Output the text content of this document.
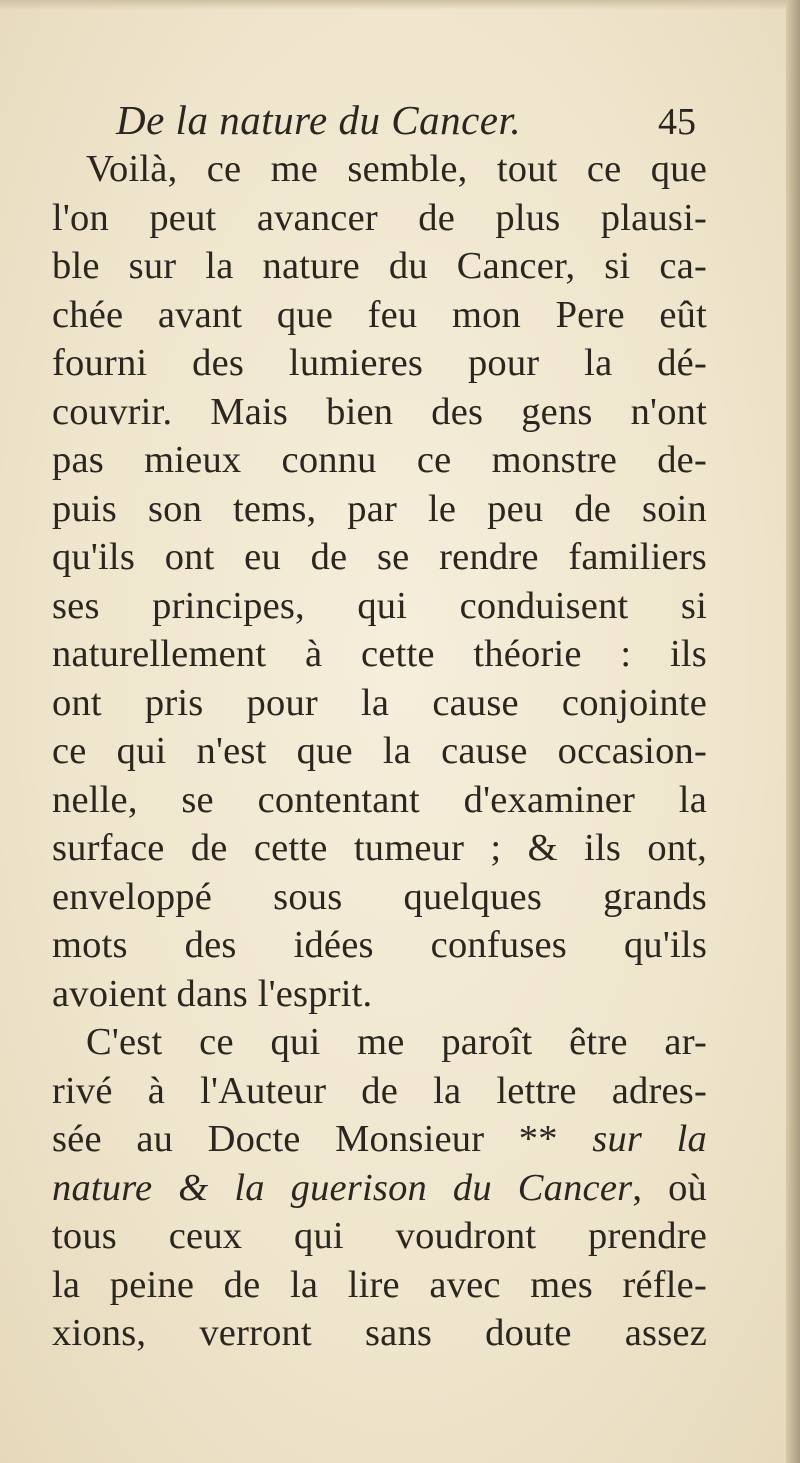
De la nature du Cancer.	45
Voilà, ce me semble, tout ce que
l'on peut avancer de plus plausi-
ble sur la nature du Cancer, si ca-
chée avant que feu mon Pere eût
fourni des lumieres pour la dé-
couvrir. Mais bien des gens n'ont
pas mieux connu ce monstre de-
puis son tems, par le peu de soin
qu'ils ont eu de se rendre familiers
ses principes, qui conduisent si
naturellement à cette théorie : ils
ont pris pour la cause conjointe
ce qui n'est que la cause occasion-
nelle, se contentant d'examiner la
surface de cette tumeur ; & ils ont,
enveloppé sous quelques grands
mots des idées confuses qu'ils
avoient dans l'esprit.
C'est ce qui me paroît être ar-
rivé à l'Auteur de la lettre adres-
sée au Docte Monsieur ** sur la
nature & la guerison du Cancer, où
tous ceux qui voudront prendre
la peine de la lire avec mes réfle-
xions, verront sans doute assez
